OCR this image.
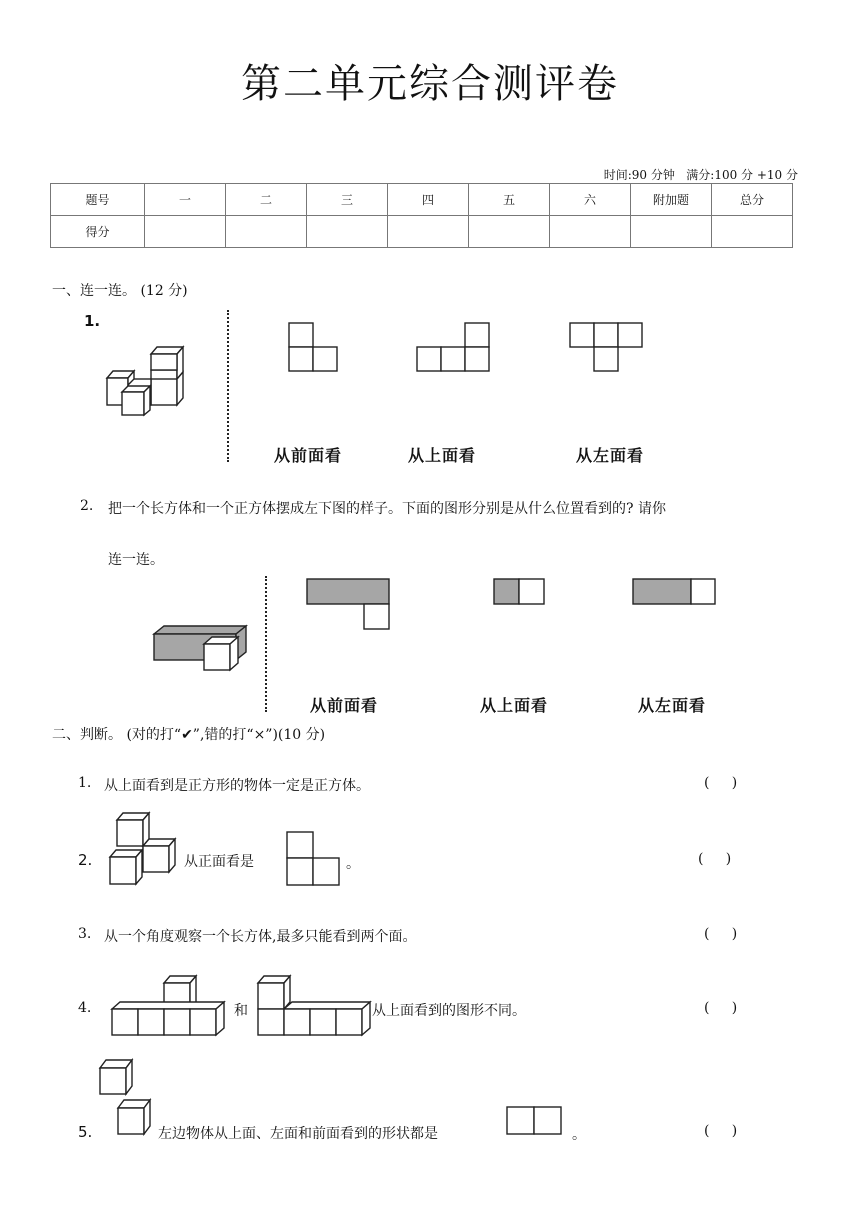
第二单元综合测评卷
时间:90 分钟   满分:100 分 +10 分
题号	一	二	三	四	五	六	附加题	总分
得分								
一、连一连。 (12 分)
1.
从前面看	从上面看	从左面看
2. 把一个长方体和一个正方体摆成左下图的样子。下面的图形分别是从什么位置看到的? 请你
连一连。
从前面看	从上面看	从左面看
二、判断。 (对的打“✔”,错的打“×”)(10 分)
1. 从上面看到是正方形的物体一定是正方体。	(     )
2.	从正面看是	。	(     )
3. 从一个角度观察一个长方体,最多只能看到两个面。	(     )
4.	和	从上面看到的图形不同。	(     )
5.	左边物体从上面、左面和前面看到的形状都是	。	(     )
